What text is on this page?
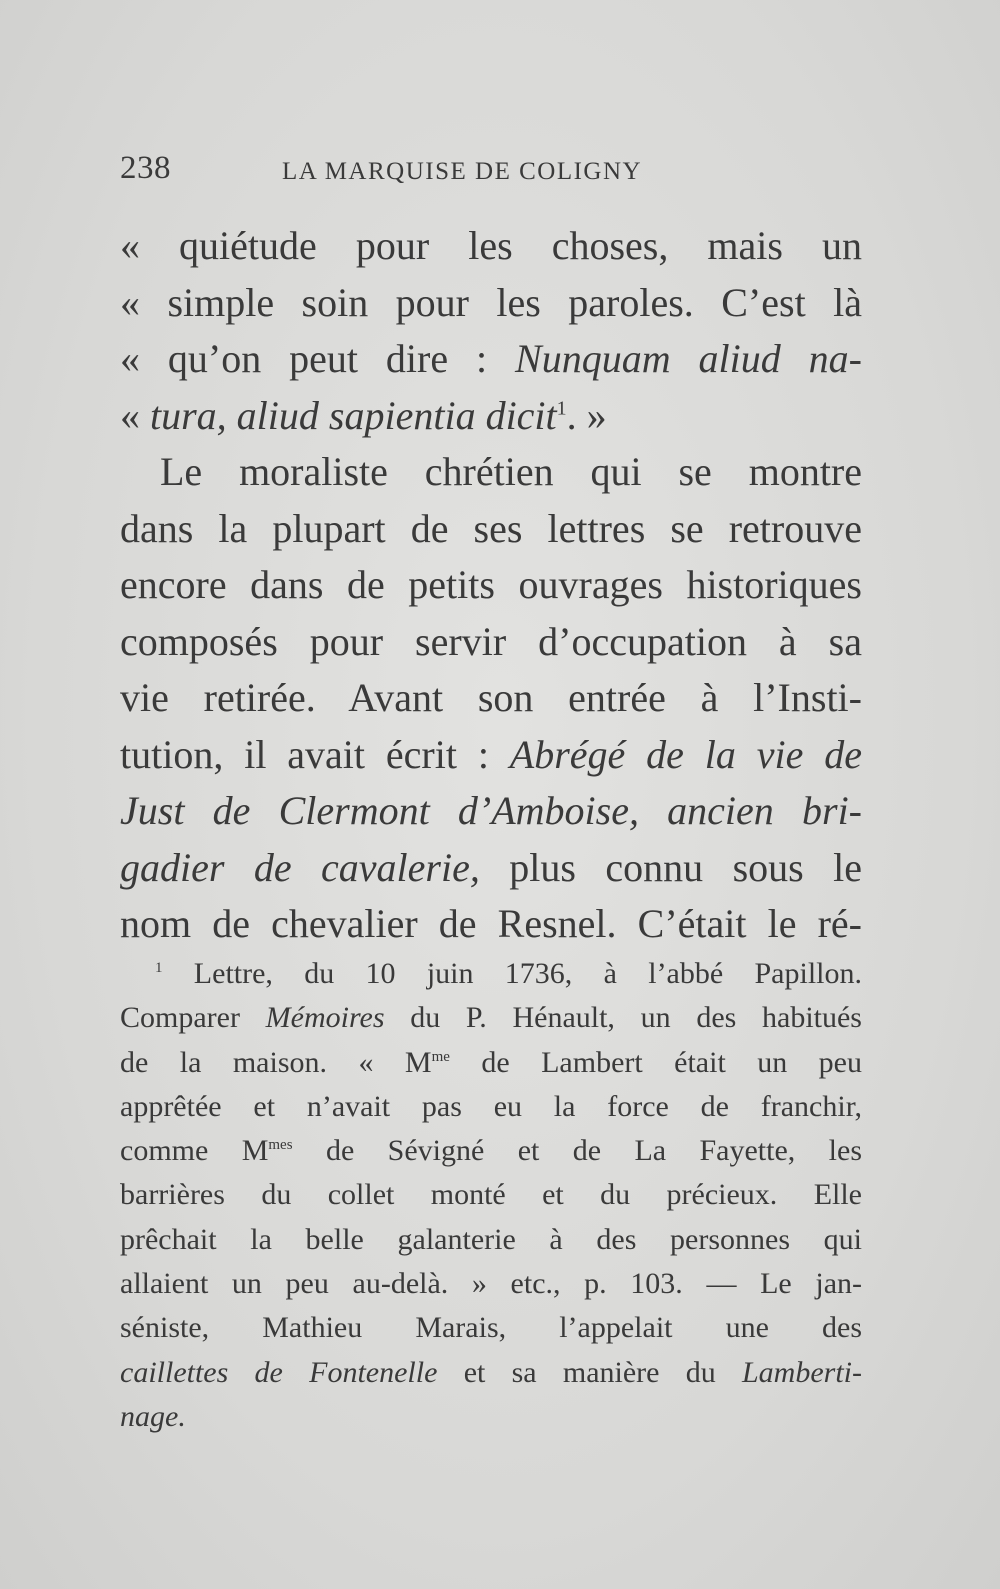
238	LA MARQUISE DE COLIGNY
« quiétude pour les choses, mais un
« simple soin pour les paroles. C’est là
« qu’on peut dire : Nunquam aliud na-
« tura, aliud sapientia dicit$^1$. »
Le moraliste chrétien qui se montre
dans la plupart de ses lettres se retrouve
encore dans de petits ouvrages historiques
composés pour servir d’occupation à sa
vie retirée. Avant son entrée à l’Insti-
tution, il avait écrit : Abrégé de la vie de
Just de Clermont d’Amboise, ancien bri-
gadier de cavalerie, plus connu sous le
nom de chevalier de Resnel. C’était le ré-
$^1$ Lettre, du 10 juin 1736, à l’abbé Papillon.
Comparer Mémoires du P. Hénault, un des habitués
de la maison. « $M^{me}$ de Lambert était un peu
apprêtée et n’avait pas eu la force de franchir,
comme $M^{mes}$ de Sévigné et de La Fayette, les
barrières du collet monté et du précieux. Elle
prêchait la belle galanterie à des personnes qui
allaient un peu au-delà. » etc., p. 103. — Le jan-
séniste, Mathieu Marais, l’appelait une des
caillettes de Fontenelle et sa manière du Lamberti-
nage.
